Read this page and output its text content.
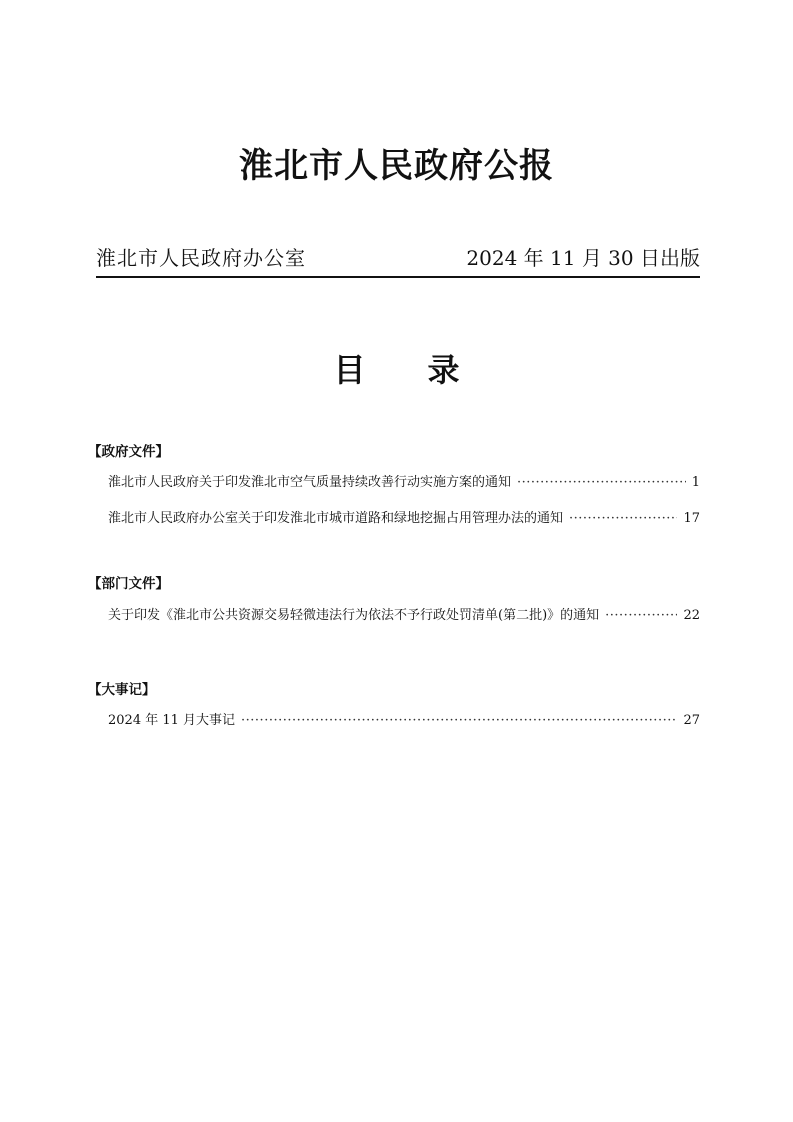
淮北市人民政府公报
淮北市人民政府办公室	2024 年 11 月 30 日出版
目录
【政府文件】
淮北市人民政府关于印发淮北市空气质量持续改善行动实施方案的通知 ·····	1
淮北市人民政府办公室关于印发淮北市城市道路和绿地挖掘占用管理办法的通知 ·····	17
【部门文件】
关于印发《淮北市公共资源交易轻微违法行为依法不予行政处罚清单(第二批)》的通知 ·····	22
【大事记】
2024 年 11 月大事记 ·····	27
